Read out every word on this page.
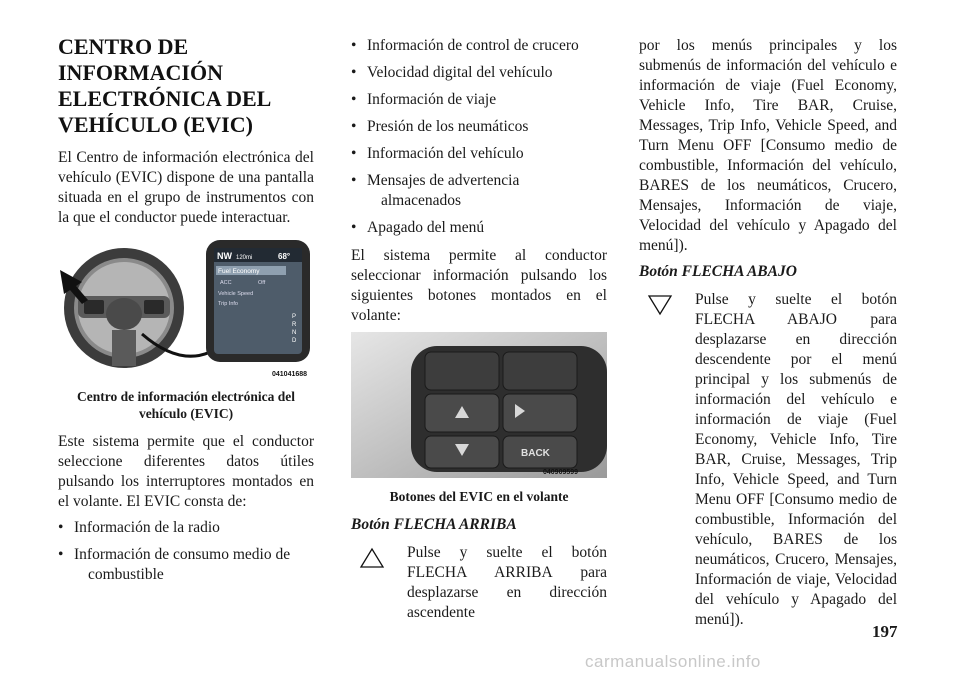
CENTRO DE INFORMACIÓN ELECTRÓNICA DEL VEHÍCULO (EVIC)

El Centro de información electrónica del vehículo (EVIC) dispone de una pantalla situada en el grupo de instrumentos con la que el conductor puede interactuar.

NW 120mi	68°
Fuel Economy
ACC	Off
Vehicle Speed
Trip Info
P
R
N
D
041041688
Centro de información electrónica del vehículo (EVIC)

Este sistema permite que el conductor seleccione diferentes datos útiles pulsando los interruptores montados en el volante. El EVIC consta de:

• Información de la radio
• Información de consumo medio de
combustible
• Información de control de crucero
• Velocidad digital del vehículo
• Información de viaje
• Presión de los neumáticos
• Información del vehículo
• Mensajes de advertencia
almacenados
• Apagado del menú

El sistema permite al conductor seleccionar información pulsando los siguientes botones montados en el volante:

BACK
040909599
Botones del EVIC en el volante
Botón FLECHA ARRIBA
Pulse y suelte el botón FLECHA ARRIBA para desplazarse en dirección ascendente

por los menús principales y los submenús de información del vehículo e información de viaje (Fuel Economy, Vehicle Info, Tire BAR, Cruise, Messages, Trip Info, Vehicle Speed, and Turn Menu OFF [Consumo medio de combustible, Información del vehículo, BARES de los neumáticos, Crucero, Mensajes, Información de viaje, Velocidad del vehículo y Apagado del menú]).

Botón FLECHA ABAJO
Pulse y suelte el botón FLECHA ABAJO para desplazarse en dirección descendente por el menú principal y los submenús de información del vehículo e información de viaje (Fuel Economy, Vehicle Info, Tire BAR, Cruise, Messages, Trip Info, Vehicle Speed, and Turn Menu OFF [Consumo medio de combustible, Información del vehículo, BARES de los neumáticos, Crucero, Mensajes, Información de viaje, Velocidad del vehículo y Apagado del menú]).
197
carmanualsonline.info
